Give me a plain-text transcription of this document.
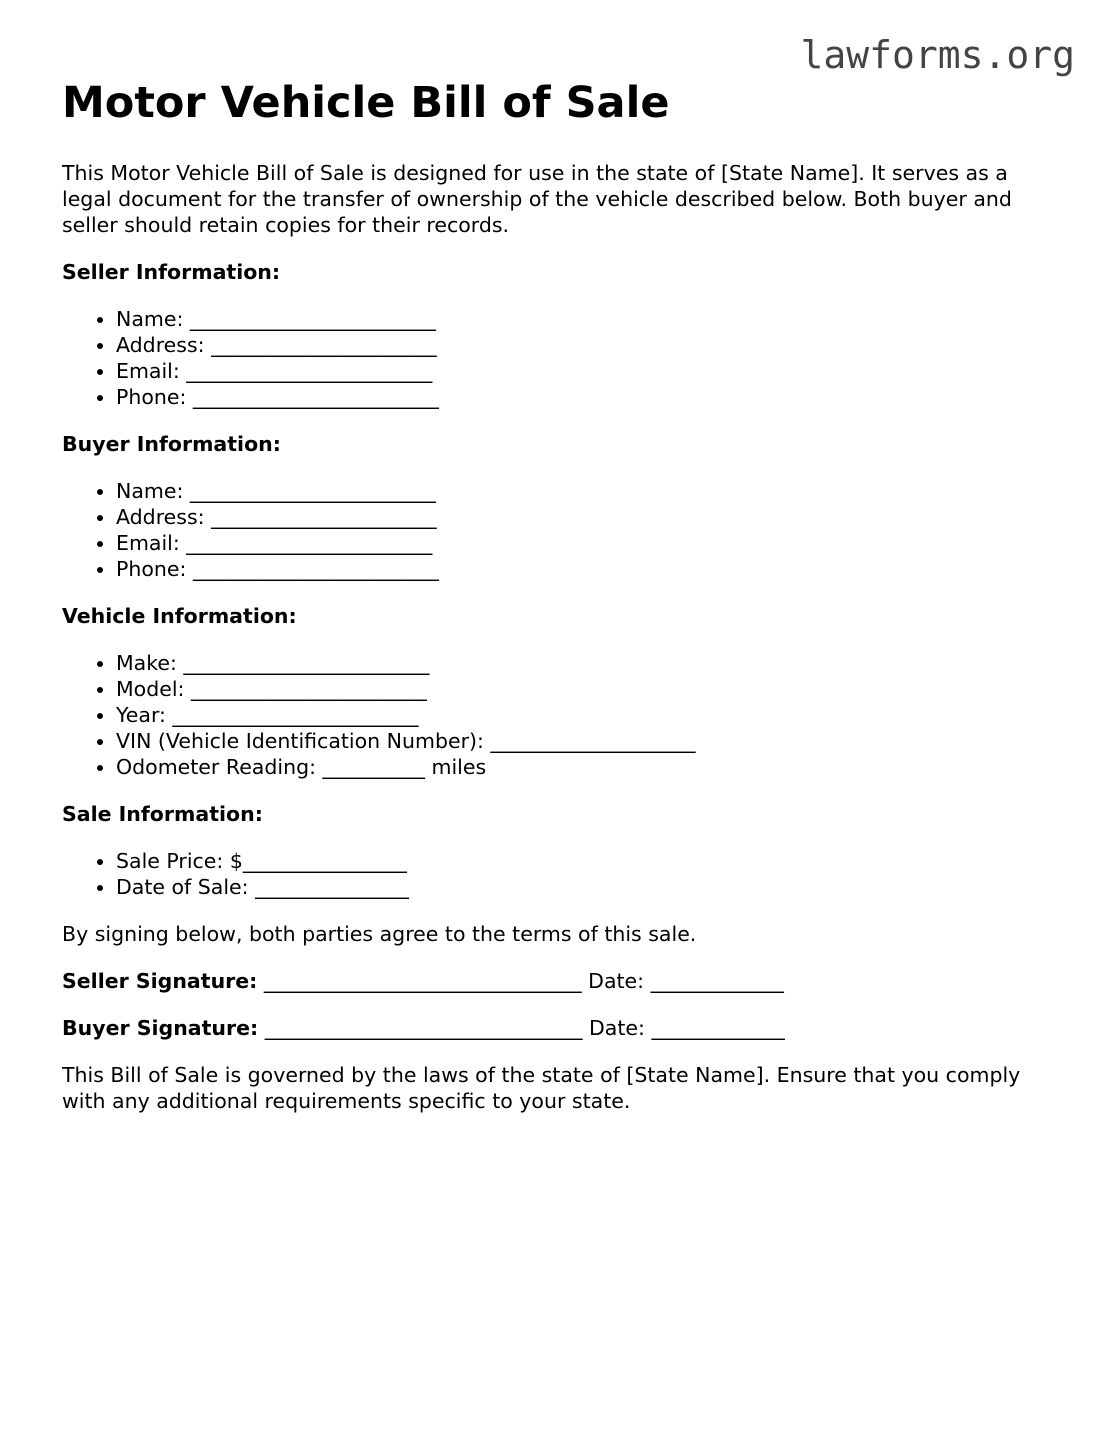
lawforms.org
Motor Vehicle Bill of Sale

This Motor Vehicle Bill of Sale is designed for use in the state of [State Name]. It serves as a legal document for the transfer of ownership of the vehicle described below. Both buyer and seller should retain copies for their records.

Seller Information:

• Name: ________________________
• Address: ______________________
• Email: ________________________
• Phone: ________________________

Buyer Information:

• Name: ________________________
• Address: ______________________
• Email: ________________________
• Phone: ________________________

Vehicle Information:

• Make: ________________________
• Model: _______________________
• Year: ________________________
• VIN (Vehicle Identification Number): ____________________
• Odometer Reading: __________ miles

Sale Information:

• Sale Price: $________________
• Date of Sale: _______________

By signing below, both parties agree to the terms of this sale.

Seller Signature: _______________________________ Date: _____________

Buyer Signature: _______________________________ Date: _____________

This Bill of Sale is governed by the laws of the state of [State Name]. Ensure that you comply with any additional requirements specific to your state.
